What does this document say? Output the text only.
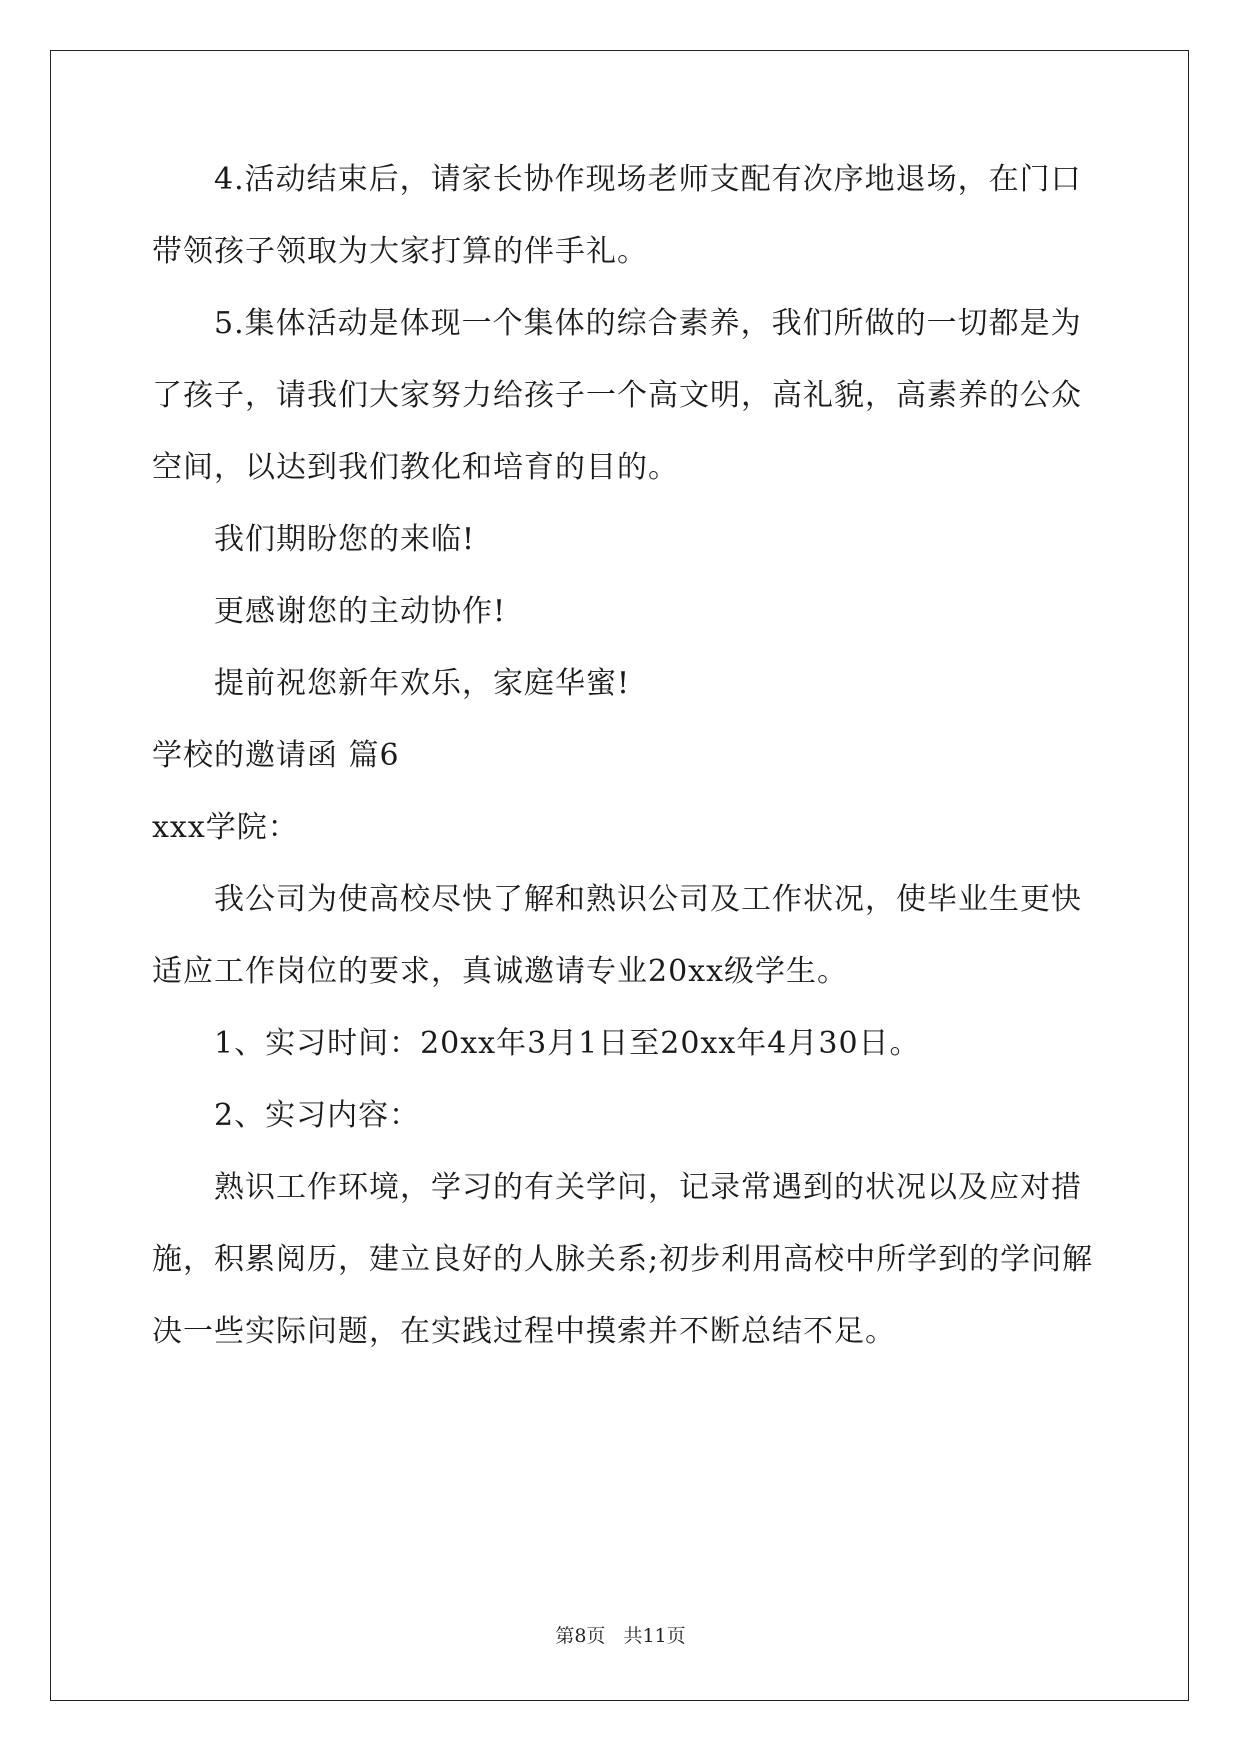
4.活动结束后，请家长协作现场老师支配有次序地退场，在门口
带领孩子领取为大家打算的伴手礼。
5.集体活动是体现一个集体的综合素养，我们所做的一切都是为
了孩子，请我们大家努力给孩子一个高文明，高礼貌，高素养的公众
空间，以达到我们教化和培育的目的。
我们期盼您的来临!
更感谢您的主动协作!
提前祝您新年欢乐，家庭华蜜!
学校的邀请函 篇6
xxx学院：
我公司为使高校尽快了解和熟识公司及工作状况，使毕业生更快
适应工作岗位的要求，真诚邀请专业20xx级学生。
1、实习时间：20xx年3月1日至20xx年4月30日。
2、实习内容：
熟识工作环境，学习的有关学问，记录常遇到的状况以及应对措
施，积累阅历，建立良好的人脉关系;初步利用高校中所学到的学问解
决一些实际问题，在实践过程中摸索并不断总结不足。
第8页 共11页
